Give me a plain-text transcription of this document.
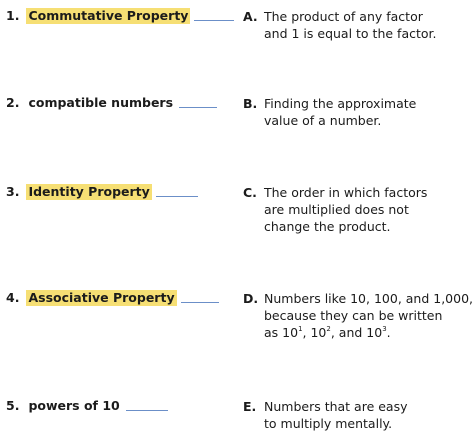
1. Commutative Property
2. compatible numbers
3. Identity Property
4. Associative Property
5. powers of 10
A. The product of any factor
and 1 is equal to the factor.
B. Finding the approximate
value of a number.
C. The order in which factors
are multiplied does not
change the product.
D. Numbers like 10, 100, and 1,000,
because they can be written
as $10^1$, $10^2$, and $10^3$.
E. Numbers that are easy
to multiply mentally.
